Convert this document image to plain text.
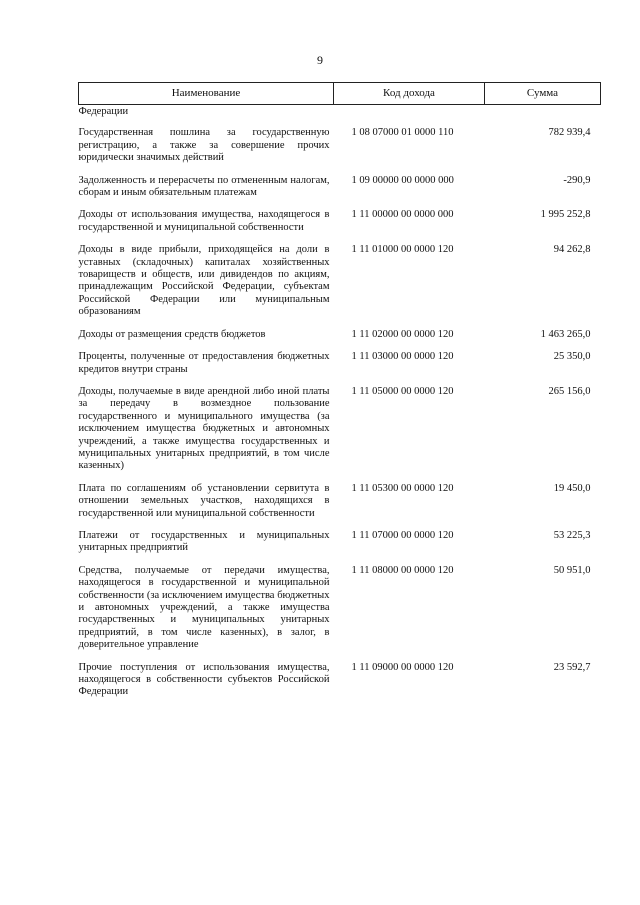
9
Наименование	Код дохода	Сумма
Федерации		
Государственная пошлина за государственную регистрацию, а также за совершение прочих юридически значимых действий	1 08 07000 01 0000 110	782 939,4
Задолженность и перерасчеты по отмененным налогам, сборам и иным обязательным платежам	1 09 00000 00 0000 000	-290,9
Доходы от использования имущества, находящегося в государственной и муниципальной собственности	1 11 00000 00 0000 000	1 995 252,8
Доходы в виде прибыли, приходящейся на доли в уставных (складочных) капиталах хозяйственных товариществ и обществ, или дивидендов по акциям, принадлежащим Российской Федерации, субъектам Российской Федерации или муниципальным образованиям	1 11 01000 00 0000 120	94 262,8
Доходы от размещения средств бюджетов	1 11 02000 00 0000 120	1 463 265,0
Проценты, полученные от предоставления бюджетных кредитов внутри страны	1 11 03000 00 0000 120	25 350,0
Доходы, получаемые в виде арендной либо иной платы за передачу в возмездное пользование государственного и муниципального имущества (за исключением имущества бюджетных и автономных учреждений, а также имущества государственных и муниципальных унитарных предприятий, в том числе казенных)	1 11 05000 00 0000 120	265 156,0
Плата по соглашениям об установлении сервитута в отношении земельных участков, находящихся в государственной или муниципальной собственности	1 11 05300 00 0000 120	19 450,0
Платежи от государственных и муниципальных унитарных предприятий	1 11 07000 00 0000 120	53 225,3
Средства, получаемые от передачи имущества, находящегося в государственной и муниципальной собственности (за исключением имущества бюджетных и автономных учреждений, а также имущества государственных и муниципальных унитарных предприятий, в том числе казенных), в залог, в доверительное управление	1 11 08000 00 0000 120	50 951,0
Прочие поступления от использования имущества, находящегося в собственности субъектов Российской Федерации	1 11 09000 00 0000 120	23 592,7
